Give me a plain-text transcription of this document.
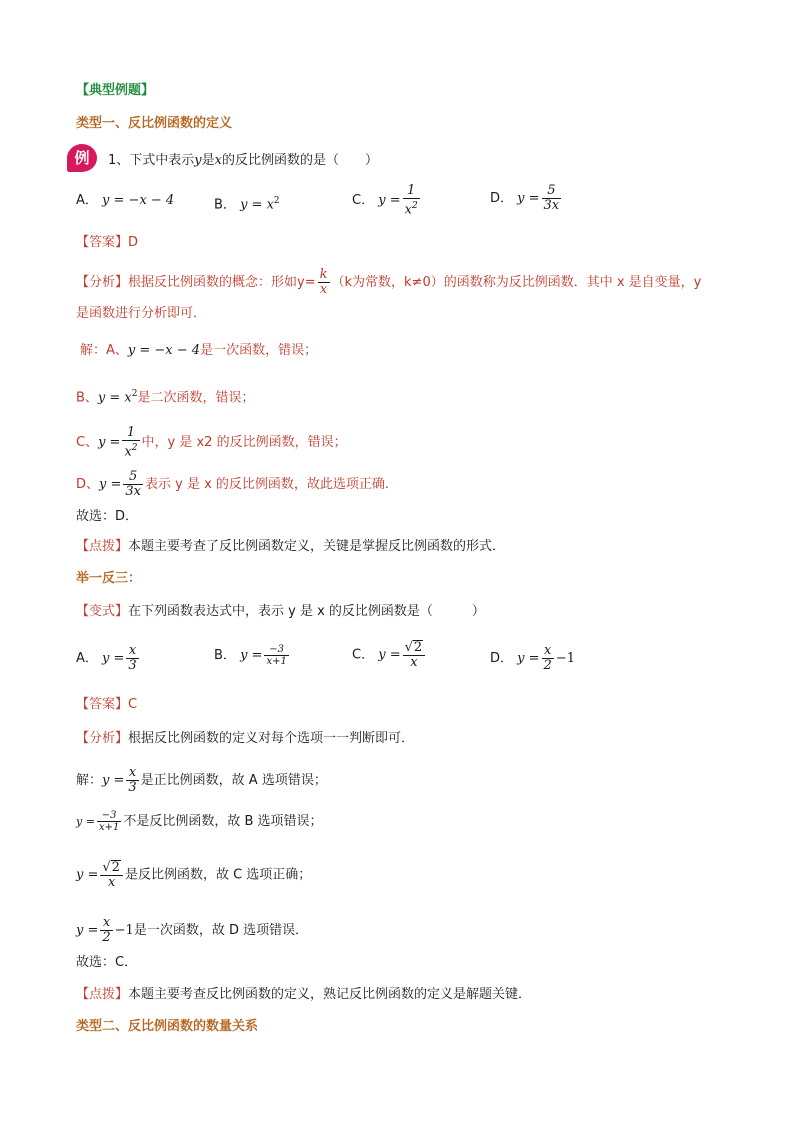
【典型例题】
类型一、反比例函数的定义
例	1、下式中表示y是x的反比例函数的是（　　）
A． y = −x − 4	B． $y = x^2$	C． $y = \frac{1}{x^2}$	D． $y = \frac{5}{3x}$
【答案】D
【分析】根据反比例函数的概念：形如$y= \frac{k}{x} (k$为常数，k≠0）的函数称为反比例函数．其中 x 是自变量，y
是函数进行分析即可．
解：A、y = −x − 4是一次函数，错误；
B、$y = x^2$是二次函数，错误；
C、$y = \frac{1}{x^2}$ 中，y 是 x2 的反比例函数，错误；
D、$y = \frac{5}{3x}$ 表示 y 是 x 的反比例函数，故此选项正确．
故选：D．
【点拨】本题主要考查了反比例函数定义，关键是掌握反比例函数的形式．
举一反三：
【变式】在下列函数表达式中，表示 y 是 x 的反比例函数是（　　　）
A． $y = \frac{x}{3}$	B． $y = \frac{-3}{x+1}$	C． $y = \frac{√2}{x}$	D． $y = \frac{x}{2} -1$
【答案】C
【分析】根据反比例函数的定义对每个选项一一判断即可．
解：$y = \frac{x}{3}$ 是正比例函数，故 A 选项错误；
$y = \frac{-3}{x+1}$ 不是反比例函数，故 B 选项错误；
$y = \frac{√2}{x}$ 是反比例函数，故 C 选项正确；
$y = \frac{x}{2} -1$是一次函数，故 D 选项错误．
故选：C．
【点拨】本题主要考查反比例函数的定义，熟记反比例函数的定义是解题关键．
类型二、反比例函数的数量关系
